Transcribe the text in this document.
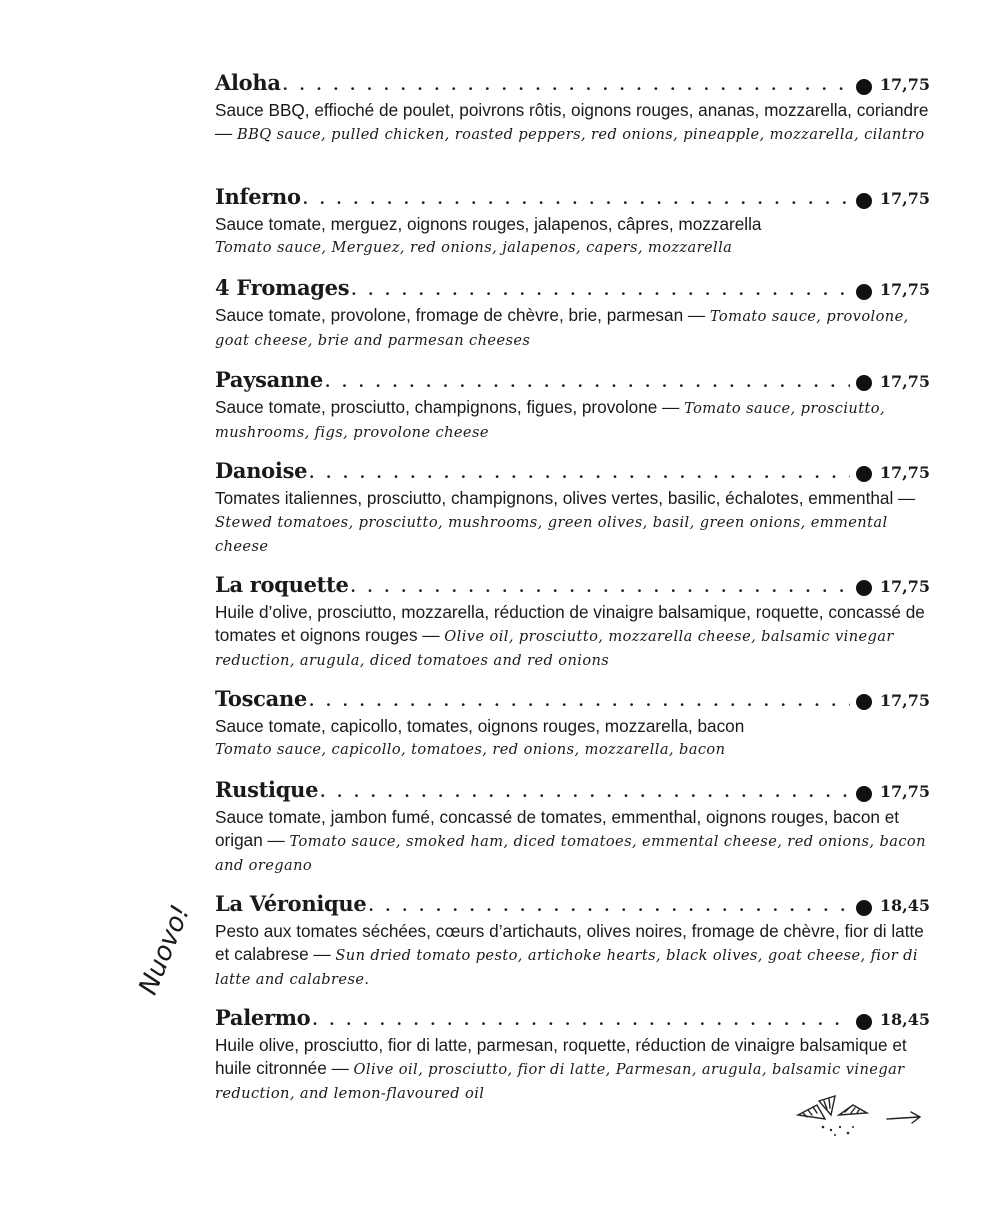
Aloha . . .	17,75
Sauce BBQ, effioché de poulet, poivrons rôtis, oignons rouges, ananas, mozzarella, coriandre — BBQ sauce, pulled chicken, roasted peppers, red onions, pineapple, mozzarella, cilantro
Inferno . . .	17,75
Sauce tomate, merguez, oignons rouges, jalapenos, câpres, mozzarella
Tomato sauce, Merguez, red onions, jalapenos, capers, mozzarella
4 Fromages . . .	17,75
Sauce tomate, provolone, fromage de chèvre, brie, parmesan — Tomato sauce, provolone, goat cheese, brie and parmesan cheeses
Paysanne . . .	17,75
Sauce tomate, prosciutto, champignons, figues, provolone — Tomato sauce, prosciutto, mushrooms, figs, provolone cheese
Danoise . . .	17,75
Tomates italiennes, prosciutto, champignons, olives vertes, basilic, échalotes, emmenthal — Stewed tomatoes, prosciutto, mushrooms, green olives, basil, green onions, emmental cheese
La roquette . . .	17,75
Huile d’olive, prosciutto, mozzarella, réduction de vinaigre balsamique, roquette, concassé de tomates et oignons rouges — Olive oil, prosciutto, mozzarella cheese, balsamic vinegar reduction, arugula, diced tomatoes and red onions
Toscane . . .	17,75
Sauce tomate, capicollo, tomates, oignons rouges, mozzarella, bacon
Tomato sauce, capicollo, tomatoes, red onions, mozzarella, bacon
Rustique . . .	17,75
Sauce tomate, jambon fumé, concassé de tomates, emmenthal, oignons rouges, bacon et origan — Tomato sauce, smoked ham, diced tomatoes, emmental cheese, red onions, bacon and oregano
La Véronique . . .	18,45
Pesto aux tomates séchées, cœurs d’artichauts, olives noires, fromage de chèvre, fior di latte et calabrese — Sun dried tomato pesto, artichoke hearts, black olives, goat cheese, fior di latte and calabrese.
Palermo . . .	18,45
Huile olive, prosciutto, fior di latte, parmesan, roquette, réduction de vinaigre balsamique et huile citronnée — Olive oil, prosciutto, fior di latte, Parmesan, arugula, balsamic vinegar reduction, and lemon-flavoured oil
Nuovo!
